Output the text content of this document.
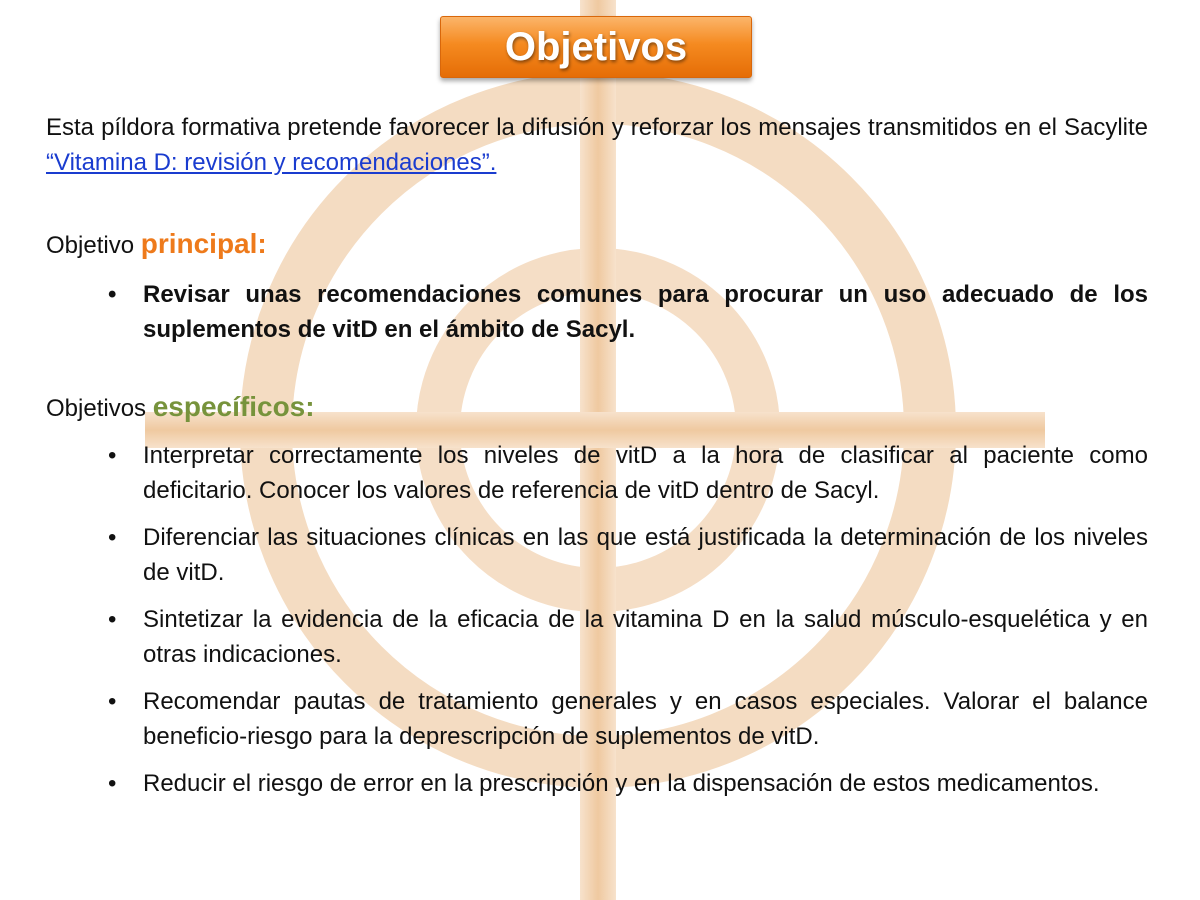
Objetivos

Esta píldora formativa pretende favorecer la difusión y reforzar los mensajes transmitidos en el Sacylite “Vitamina D: revisión y recomendaciones”.

Objetivo principal:

• Revisar unas recomendaciones comunes para procurar un uso adecuado de los suplementos de vitD en el ámbito de Sacyl.

Objetivos específicos:

• Interpretar correctamente los niveles de vitD a la hora de clasificar al paciente como deficitario. Conocer los valores de referencia de vitD dentro de Sacyl.
• Diferenciar las situaciones clínicas en las que está justificada la determinación de los niveles de vitD.
• Sintetizar la evidencia de la eficacia de la vitamina D en la salud músculo-esquelética y en otras indicaciones.
• Recomendar pautas de tratamiento generales y en casos especiales. Valorar el balance beneficio-riesgo para la deprescripción de suplementos de vitD.
• Reducir el riesgo de error en la prescripción y en la dispensación de estos medicamentos.
